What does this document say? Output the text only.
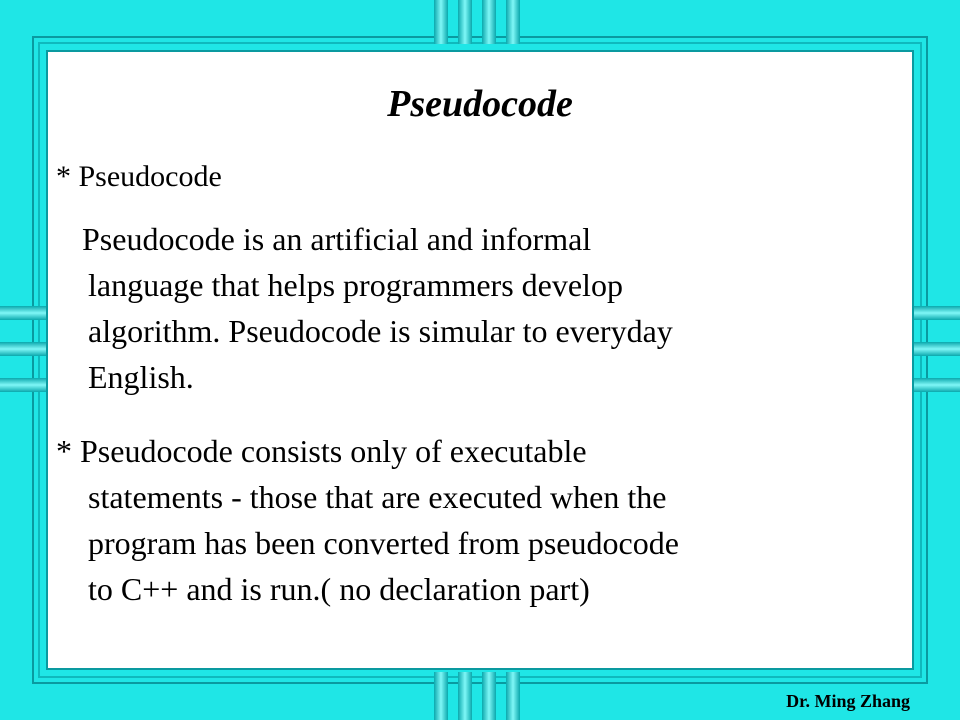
Pseudocode
* Pseudocode
Pseudocode is an artificial and informal
language that helps programmers develop
algorithm. Pseudocode is simular to everyday
English.
* Pseudocode consists only of executable
statements - those that are executed when the
program has been converted from pseudocode
to C++ and is run.( no declaration part)
Dr. Ming Zhang
